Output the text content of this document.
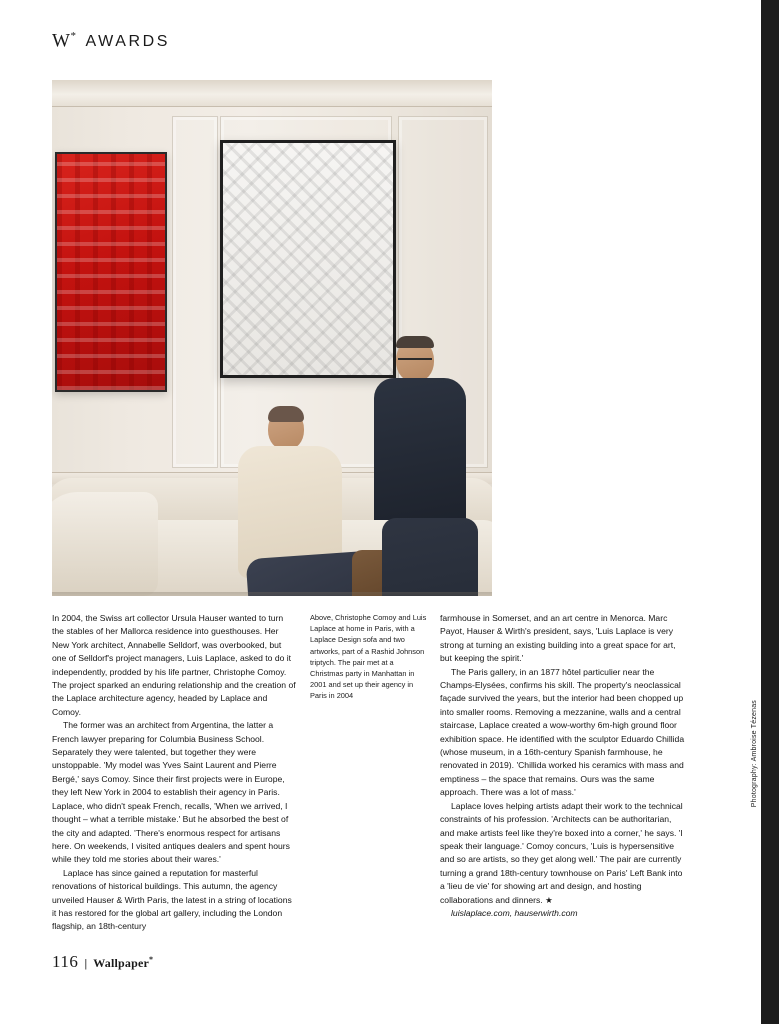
W* AWARDS

In 2004, the Swiss art collector Ursula Hauser wanted to turn the stables of her Mallorca residence into guesthouses. Her New York architect, Annabelle Selldorf, was overbooked, but one of Selldorf's project managers, Luis Laplace, asked to do it independently, prodded by his life partner, Christophe Comoy. The project sparked an enduring relationship and the creation of the Laplace architecture agency, headed by Laplace and Comoy.

The former was an architect from Argentina, the latter a French lawyer preparing for Columbia Business School. Separately they were talented, but together they were unstoppable. 'My model was Yves Saint Laurent and Pierre Bergé,' says Comoy. Since their first projects were in Europe, they left New York in 2004 to establish their agency in Paris. Laplace, who didn't speak French, recalls, 'When we arrived, I thought – what a terrible mistake.' But he absorbed the best of the city and adapted. 'There's enormous respect for artisans here. On weekends, I visited antiques dealers and spent hours while they told me stories about their wares.'

Laplace has since gained a reputation for masterful renovations of historical buildings. This autumn, the agency unveiled Hauser & Wirth Paris, the latest in a string of locations it has restored for the global art gallery, including the London flagship, an 18th-century

Above, Christophe Comoy and Luis Laplace at home in Paris, with a Laplace Design sofa and two artworks, part of a Rashid Johnson triptych. The pair met at a Christmas party in Manhattan in 2001 and set up their agency in Paris in 2004

farmhouse in Somerset, and an art centre in Menorca. Marc Payot, Hauser & Wirth's president, says, 'Luis Laplace is very strong at turning an existing building into a great space for art, but keeping the spirit.'

The Paris gallery, in an 1877 hôtel particulier near the Champs-Elysées, confirms his skill. The property's neoclassical façade survived the years, but the interior had been chopped up into smaller rooms. Removing a mezzanine, walls and a central staircase, Laplace created a wow-worthy 6m-high ground floor exhibition space. He identified with the sculptor Eduardo Chillida (whose museum, in a 16th-century Spanish farmhouse, he renovated in 2019). 'Chillida worked his ceramics with mass and emptiness – the space that remains. Ours was the same approach. There was a lot of mass.'

Laplace loves helping artists adapt their work to the technical constraints of his profession. 'Architects can be authoritarian, and make artists feel like they're boxed into a corner,' he says. 'I speak their language.' Comoy concurs, 'Luis is hypersensitive and so are artists, so they get along well.' The pair are currently turning a grand 18th-century townhouse on Paris' Left Bank into a 'lieu de vie' for showing art and design, and hosting collaborations and dinners. ★

luislaplace.com, hauserwirth.com

Photography: Ambroise Tézenas
116 | Wallpaper*
